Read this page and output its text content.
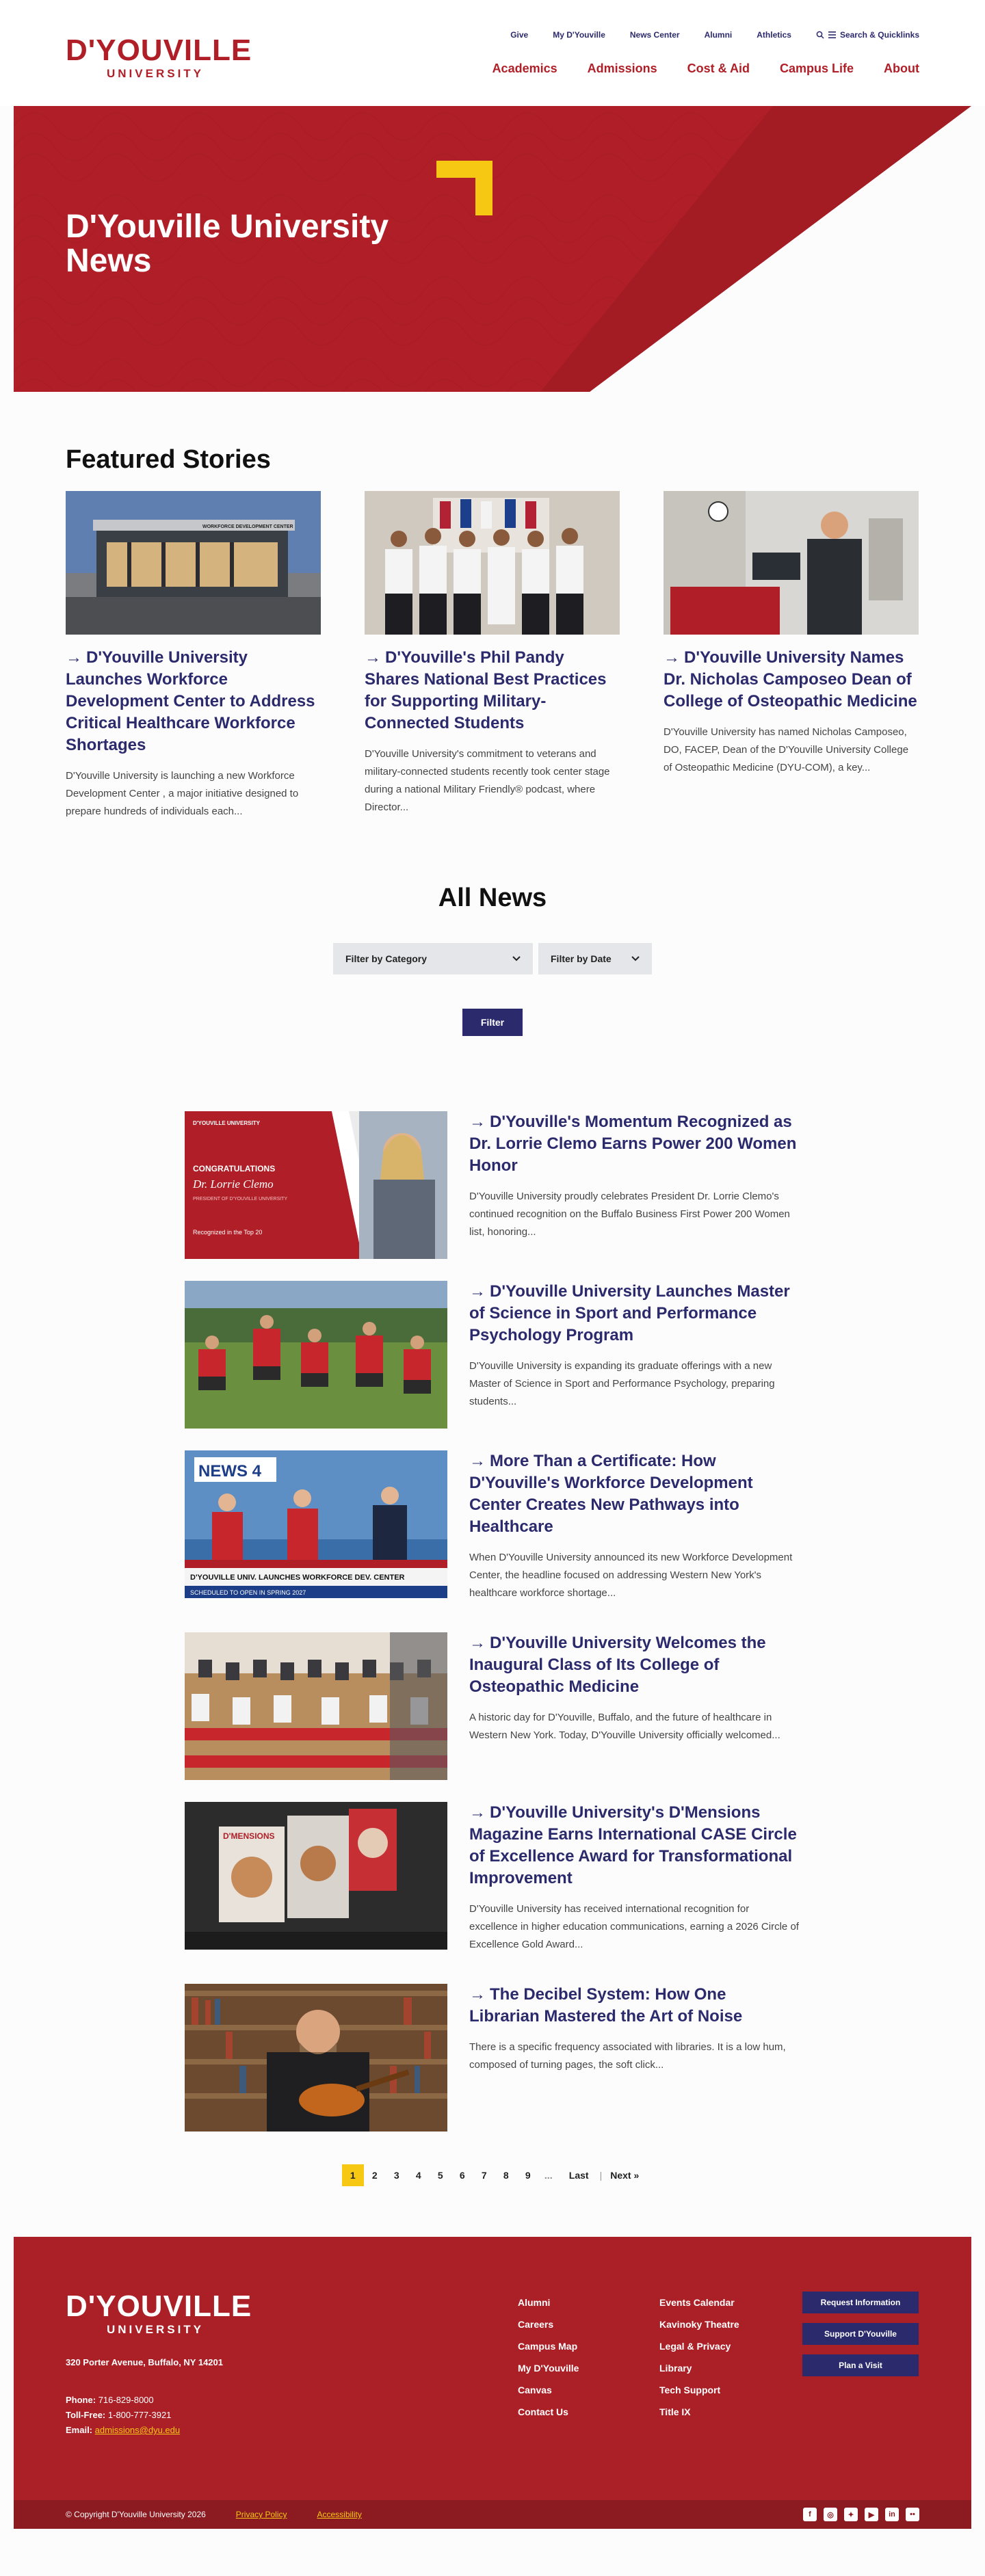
D'YOUVILLE
UNIVERSITY
Give	My D'Youville	News Center	Alumni	Athletics	Search & Quicklinks
Academics Admissions Cost & Aid Campus Life About
D'Youville University News
Featured Stories
WORKFORCE DEVELOPMENT CENTER
→ D'Youville University Launches Workforce Development Center to Address Critical Healthcare Workforce Shortages

D'Youville University is launching a new Workforce Development Center , a major initiative designed to prepare hundreds of individuals each...

→ D'Youville's Phil Pandy Shares National Best Practices for Supporting Military-Connected Students

D'Youville University's commitment to veterans and military-connected students recently took center stage during a national Military Friendly® podcast, where Director...

→ D'Youville University Names Dr. Nicholas Camposeo Dean of College of Osteopathic Medicine

D'Youville University has named Nicholas Camposeo, DO, FACEP, Dean of the D'Youville University College of Osteopathic Medicine (DYU-COM), a key...

All News
Filter by Category	Filter by Date
Filter
D'YOUVILLE UNIVERSITY
CONGRATULATIONS
Dr. Lorrie Clemo
PRESIDENT OF D'YOUVILLE UNIVERSITY
Recognized in the Top 20
→ D'Youville's Momentum Recognized as Dr. Lorrie Clemo Earns Power 200 Women Honor

D'Youville University proudly celebrates President Dr. Lorrie Clemo's continued recognition on the Buffalo Business First Power 200 Women list, honoring...

→ D'Youville University Launches Master of Science in Sport and Performance Psychology Program

D'Youville University is expanding its graduate offerings with a new Master of Science in Sport and Performance Psychology, preparing students...

NEWS 4
D'YOUVILLE UNIV. LAUNCHES WORKFORCE DEV. CENTER
SCHEDULED TO OPEN IN SPRING 2027
→ More Than a Certificate: How D'Youville's Workforce Development Center Creates New Pathways into Healthcare

When D'Youville University announced its new Workforce Development Center, the headline focused on addressing Western New York's healthcare workforce shortage...

→ D'Youville University Welcomes the Inaugural Class of Its College of Osteopathic Medicine

A historic day for D'Youville, Buffalo, and the future of healthcare in Western New York. Today, D'Youville University officially welcomed...

D'MENSIONS
→ D'Youville University's D'Mensions Magazine Earns International CASE Circle of Excellence Award for Transformational Improvement

D'Youville University has received international recognition for excellence in higher education communications, earning a 2026 Circle of Excellence Gold Award...

→ The Decibel System: How One Librarian Mastered the Art of Noise

There is a specific frequency associated with libraries. It is a low hum, composed of turning pages, the soft click...

1	2	3	4	5	6	7	8	9	...	Last	| Next »
D'YOUVILLE
UNIVERSITY
320 Porter Avenue, Buffalo, NY 14201
Phone: 716-829-8000
Toll-Free: 1-800-777-3921
Email: admissions@dyu.edu
Alumni
Careers
Campus Map
My D'Youville
Canvas
Contact Us
Events Calendar
Kavinoky Theatre
Legal & Privacy
Library
Tech Support
Title IX
Request Information
Support D'Youville
Plan a Visit
© Copyright D'Youville University 2026	Privacy Policy	Accessibility	f	◎	✦	▶	in	••
